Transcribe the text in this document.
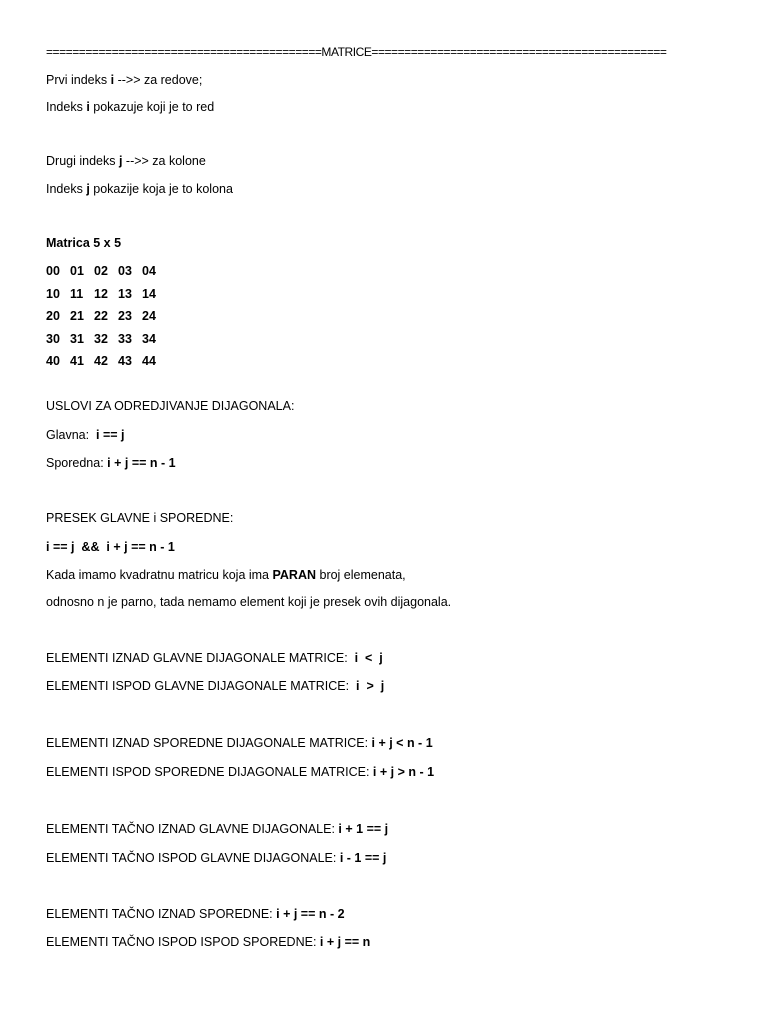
==========================================MATRICE=============================================
Prvi indeks i -->> za redove;
Indeks i pokazuje koji je to red
Drugi indeks j -->> za kolone
Indeks j pokazije koja je to kolona
Matrica 5 x 5
00 01 02 03 04
10 11 12 13 14
20 21 22 23 24
30 31 32 33 34
40 41 42 43 44
USLOVI ZA ODREDJIVANJE DIJAGONALA:
Glavna:  i == j
Sporedna: i + j == n - 1
PRESEK GLAVNE i SPOREDNE:
i == j  &&  i + j == n - 1
Kada imamo kvadratnu matricu koja ima PARAN broj elemenata,
odnosno n je parno, tada nemamo element koji je presek ovih dijagonala.
ELEMENTI IZNAD GLAVNE DIJAGONALE MATRICE:  i  <  j
ELEMENTI ISPOD GLAVNE DIJAGONALE MATRICE:  i  >  j
ELEMENTI IZNAD SPOREDNE DIJAGONALE MATRICE: i + j < n - 1
ELEMENTI ISPOD SPOREDNE DIJAGONALE MATRICE: i + j > n - 1
ELEMENTI TAČNO IZNAD GLAVNE DIJAGONALE: i + 1 == j
ELEMENTI TAČNO ISPOD GLAVNE DIJAGONALE: i - 1 == j
ELEMENTI TAČNO IZNAD SPOREDNE: i + j == n - 2
ELEMENTI TAČNO ISPOD ISPOD SPOREDNE: i + j == n
